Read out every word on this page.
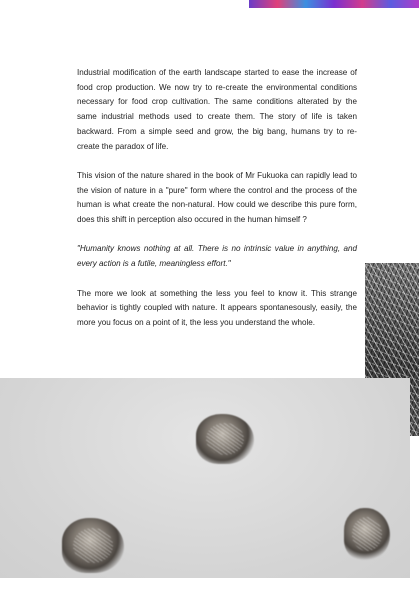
Industrial modification of the earth landscape started to ease the increase of food crop production. We now try to re-create the environmental conditions necessary for food crop cultivation. The same conditions alterated by the same industrial methods used to create them. The story of life is taken backward. From a simple seed and grow, the big bang, humans try to re-create the paradox of life.

This vision of the nature shared in the book of Mr Fukuoka can rapidly lead to the vision of nature in a "pure" form where the control and the process of the human is what create the non-natural. How could we describe this pure form, does this shift in perception also occured in the human himself ?

"Humanity knows nothing at all. There is no intrinsic value in anything, and every action is a futile, meaningless effort."

The more we look at something the less you feel to know it. This strange behavior is tightly coupled with nature. It appears spontanesously, easily, the more you focus on a point of it, the less you understand the whole.
